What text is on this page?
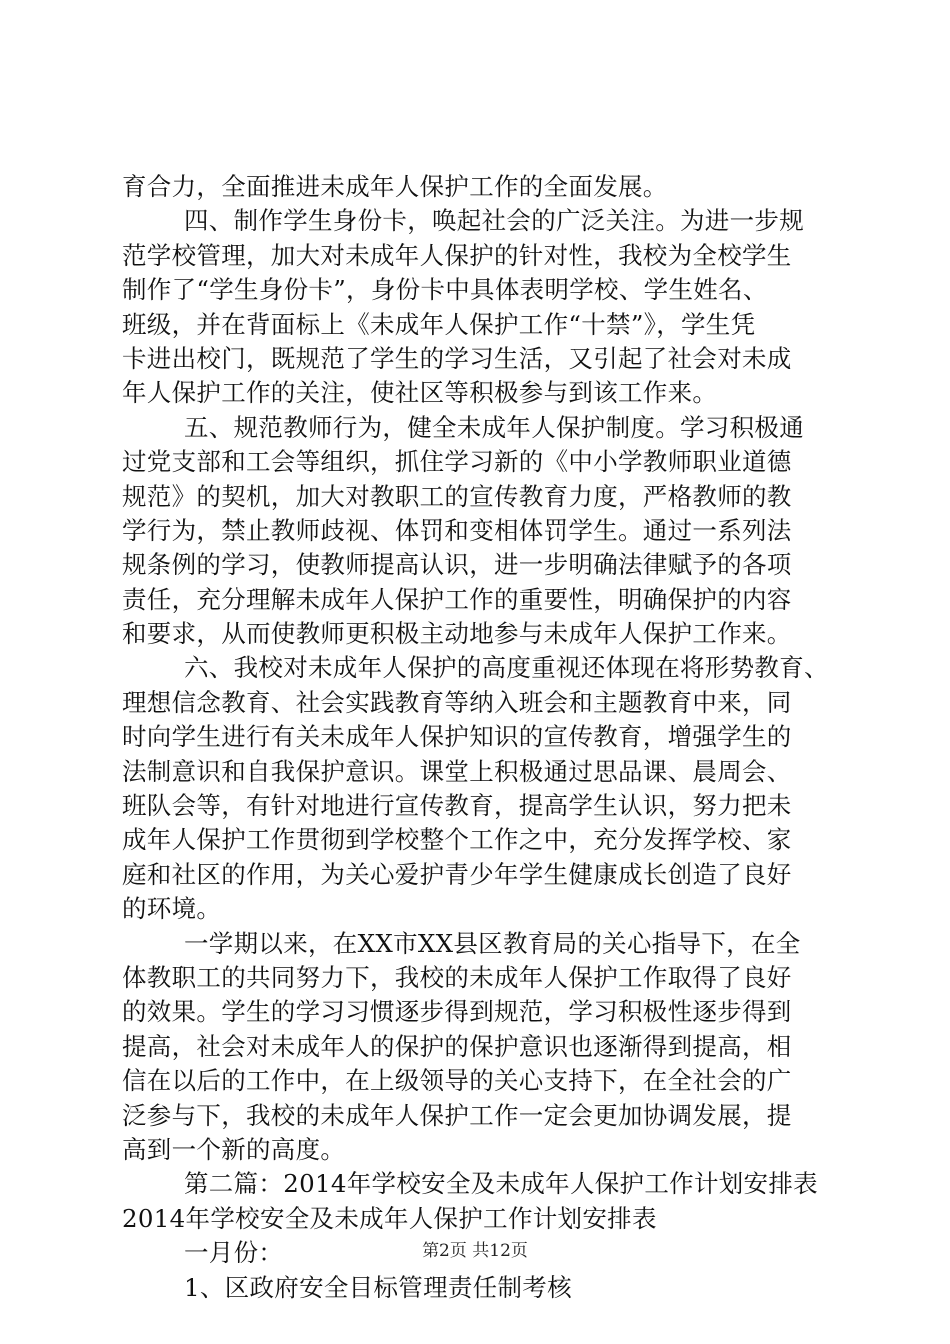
育合力，全面推进未成年人保护工作的全面发展。
四、制作学生身份卡，唤起社会的广泛关注。为进一步规
范学校管理，加大对未成年人保护的针对性，我校为全校学生
制作了“学生身份卡”，身份卡中具体表明学校、学生姓名、
班级，并在背面标上《未成年人保护工作“十禁”》，学生凭
卡进出校门，既规范了学生的学习生活，又引起了社会对未成
年人保护工作的关注，使社区等积极参与到该工作来。
五、规范教师行为，健全未成年人保护制度。学习积极通
过党支部和工会等组织，抓住学习新的《中小学教师职业道德
规范》的契机，加大对教职工的宣传教育力度，严格教师的教
学行为，禁止教师歧视、体罚和变相体罚学生。通过一系列法
规条例的学习，使教师提高认识，进一步明确法律赋予的各项
责任，充分理解未成年人保护工作的重要性，明确保护的内容
和要求，从而使教师更积极主动地参与未成年人保护工作来。
六、我校对未成年人保护的高度重视还体现在将形势教育、
理想信念教育、社会实践教育等纳入班会和主题教育中来，同
时向学生进行有关未成年人保护知识的宣传教育，增强学生的
法制意识和自我保护意识。课堂上积极通过思品课、晨周会、
班队会等，有针对地进行宣传教育，提高学生认识，努力把未
成年人保护工作贯彻到学校整个工作之中，充分发挥学校、家
庭和社区的作用，为关心爱护青少年学生健康成长创造了良好
的环境。
一学期以来，在XX市XX县区教育局的关心指导下，在全
体教职工的共同努力下，我校的未成年人保护工作取得了良好
的效果。学生的学习习惯逐步得到规范，学习积极性逐步得到
提高，社会对未成年人的保护的保护意识也逐渐得到提高，相
信在以后的工作中，在上级领导的关心支持下，在全社会的广
泛参与下，我校的未成年人保护工作一定会更加协调发展，提
高到一个新的高度。
第二篇：2014年学校安全及未成年人保护工作计划安排表
2014年学校安全及未成年人保护工作计划安排表
一月份：
1、区政府安全目标管理责任制考核
第2页 共12页
